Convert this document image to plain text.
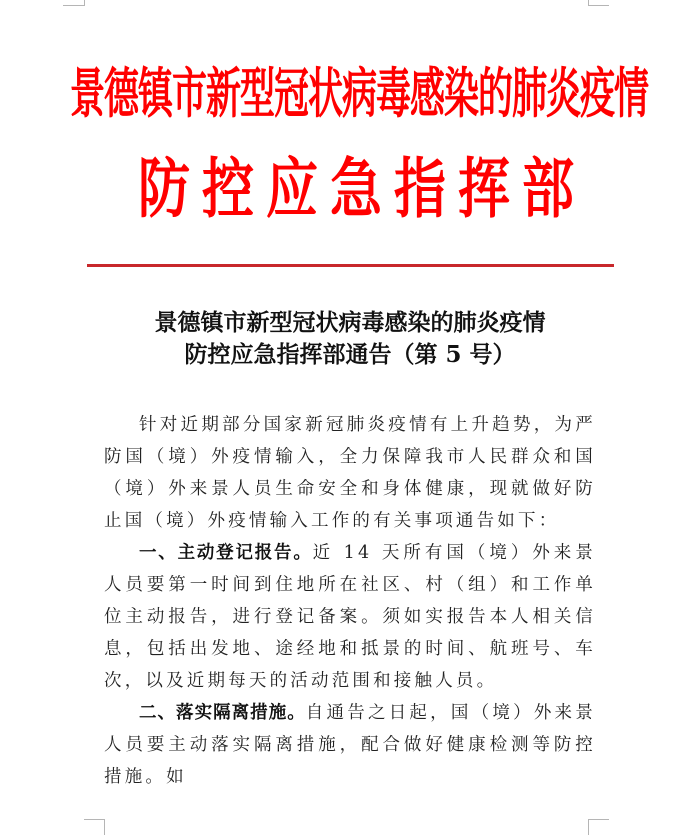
景德镇市新型冠状病毒感染的肺炎疫情
防控应急指挥部
景德镇市新型冠状病毒感染的肺炎疫情
防控应急指挥部通告（第 5 号）

针对近期部分国家新冠肺炎疫情有上升趋势，为严防国（境）外疫情输入，全力保障我市人民群众和国（境）外来景人员生命安全和身体健康，现就做好防止国（境）外疫情输入工作的有关事项通告如下：

一、主动登记报告。近 14 天所有国（境）外来景人员要第一时间到住地所在社区、村（组）和工作单位主动报告，进行登记备案。须如实报告本人相关信息，包括出发地、途经地和抵景的时间、航班号、车次，以及近期每天的活动范围和接触人员。

二、落实隔离措施。自通告之日起，国（境）外来景人员要主动落实隔离措施，配合做好健康检测等防控措施。如
